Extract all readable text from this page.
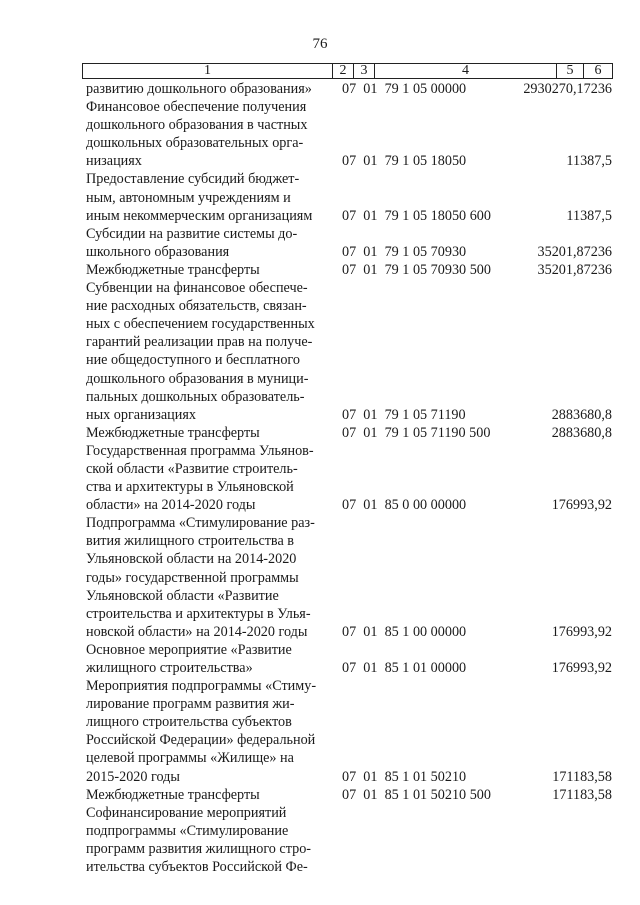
76
1	2	3	4	5	6
развитию дошкольного образования»	07  01  79 1 05 00000	2930270,17236
Финансовое обеспечение получения
дошкольного образования в частных
дошкольных образовательных орга-
низациях	07  01  79 1 05 18050	11387,5
Предоставление субсидий бюджет-
ным, автономным учреждениям и
иным некоммерческим организациям	07  01  79 1 05 18050 600	11387,5
Субсидии на развитие системы до-
школьного образования	07  01  79 1 05 70930	35201,87236
Межбюджетные трансферты	07  01  79 1 05 70930 500	35201,87236
Субвенции на финансовое обеспече-
ние расходных обязательств, связан-
ных с обеспечением государственных
гарантий реализации прав на получе-
ние общедоступного и бесплатного
дошкольного образования в муници-
пальных дошкольных образователь-
ных организациях	07  01  79 1 05 71190	2883680,8
Межбюджетные трансферты	07  01  79 1 05 71190 500	2883680,8
Государственная программа Ульянов-
ской области «Развитие строитель-
ства и архитектуры в Ульяновской
области» на 2014-2020 годы	07  01  85 0 00 00000	176993,92
Подпрограмма «Стимулирование раз-
вития жилищного строительства в
Ульяновской области на 2014-2020
годы» государственной программы
Ульяновской области «Развитие
строительства и архитектуры в Улья-
новской области» на 2014-2020 годы	07  01  85 1 00 00000	176993,92
Основное мероприятие «Развитие
жилищного строительства»	07  01  85 1 01 00000	176993,92
Мероприятия подпрограммы «Стиму-
лирование программ развития жи-
лищного строительства субъектов
Российской Федерации» федеральной
целевой программы «Жилище» на
2015-2020 годы	07  01  85 1 01 50210	171183,58
Межбюджетные трансферты	07  01  85 1 01 50210 500	171183,58
Софинансирование мероприятий
подпрограммы «Стимулирование
программ развития жилищного стро-
ительства субъектов Российской Фе-
